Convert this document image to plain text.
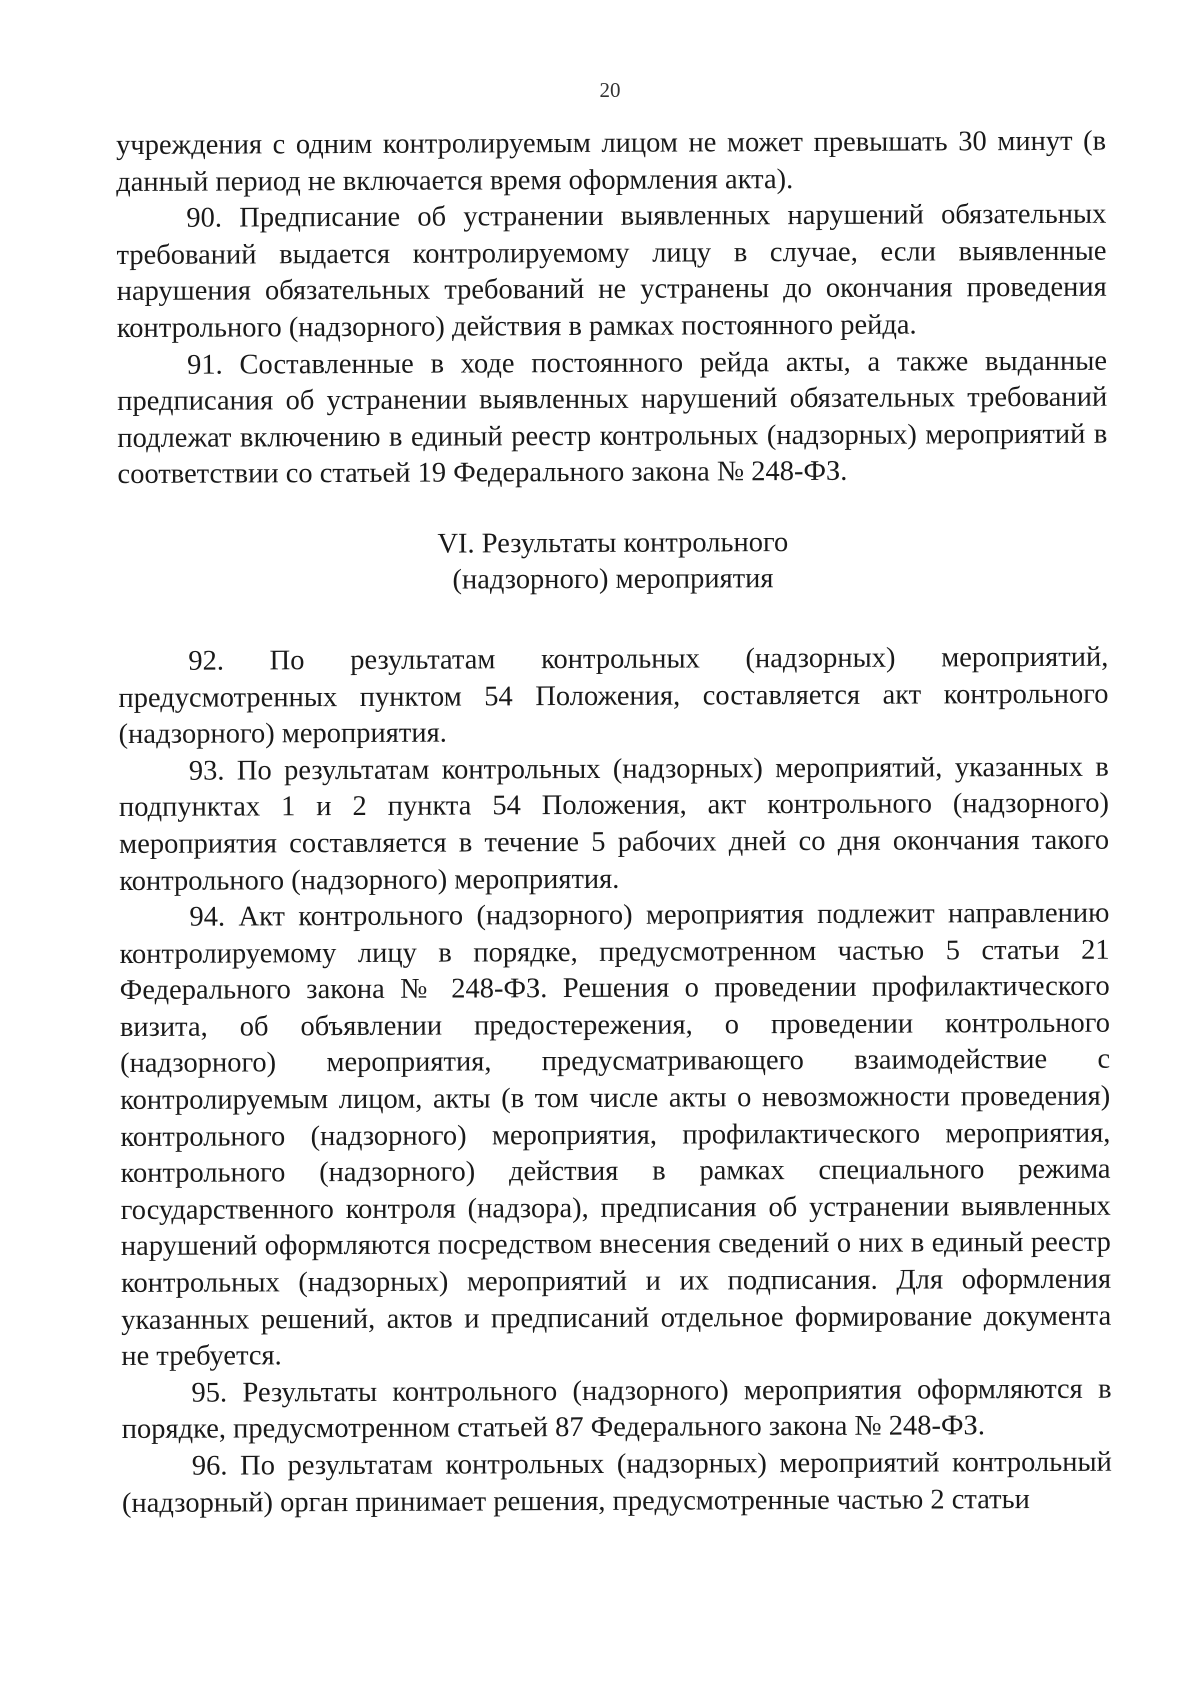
20

учреждения с одним контролируемым лицом не может превышать 30 минут (в данный период не включается время оформления акта).

90. Предписание об устранении выявленных нарушений обязательных требований выдается контролируемому лицу в случае, если выявленные нарушения обязательных требований не устранены до окончания проведения контрольного (надзорного) действия в рамках постоянного рейда.

91. Составленные в ходе постоянного рейда акты, а также выданные предписания об устранении выявленных нарушений обязательных требований подлежат включению в единый реестр контрольных (надзорных) мероприятий в соответствии со статьей 19 Федерального закона № 248-ФЗ.

VI. Результаты контрольного
(надзорного) мероприятия

92. По результатам контрольных (надзорных) мероприятий, предусмотренных пунктом 54 Положения, составляется акт контрольного (надзорного) мероприятия.

93. По результатам контрольных (надзорных) мероприятий, указанных в подпунктах 1 и 2 пункта 54 Положения, акт контрольного (надзорного) мероприятия составляется в течение 5 рабочих дней со дня окончания такого контрольного (надзорного) мероприятия.

94. Акт контрольного (надзорного) мероприятия подлежит направлению контролируемому лицу в порядке, предусмотренном частью 5 статьи 21 Федерального закона № 248-ФЗ. Решения о проведении профилактического визита, об объявлении предостережения, о проведении контрольного (надзорного) мероприятия, предусматривающего взаимодействие с контролируемым лицом, акты (в том числе акты о невозможности проведения) контрольного (надзорного) мероприятия, профилактического мероприятия, контрольного (надзорного) действия в рамках специального режима государственного контроля (надзора), предписания об устранении выявленных нарушений оформляются посредством внесения сведений о них в единый реестр контрольных (надзорных) мероприятий и их подписания. Для оформления указанных решений, актов и предписаний отдельное формирование документа не требуется.

95. Результаты контрольного (надзорного) мероприятия оформляются в порядке, предусмотренном статьей 87 Федерального закона № 248-ФЗ.

96. По результатам контрольных (надзорных) мероприятий контрольный (надзорный) орган принимает решения, предусмотренные частью 2 статьи
